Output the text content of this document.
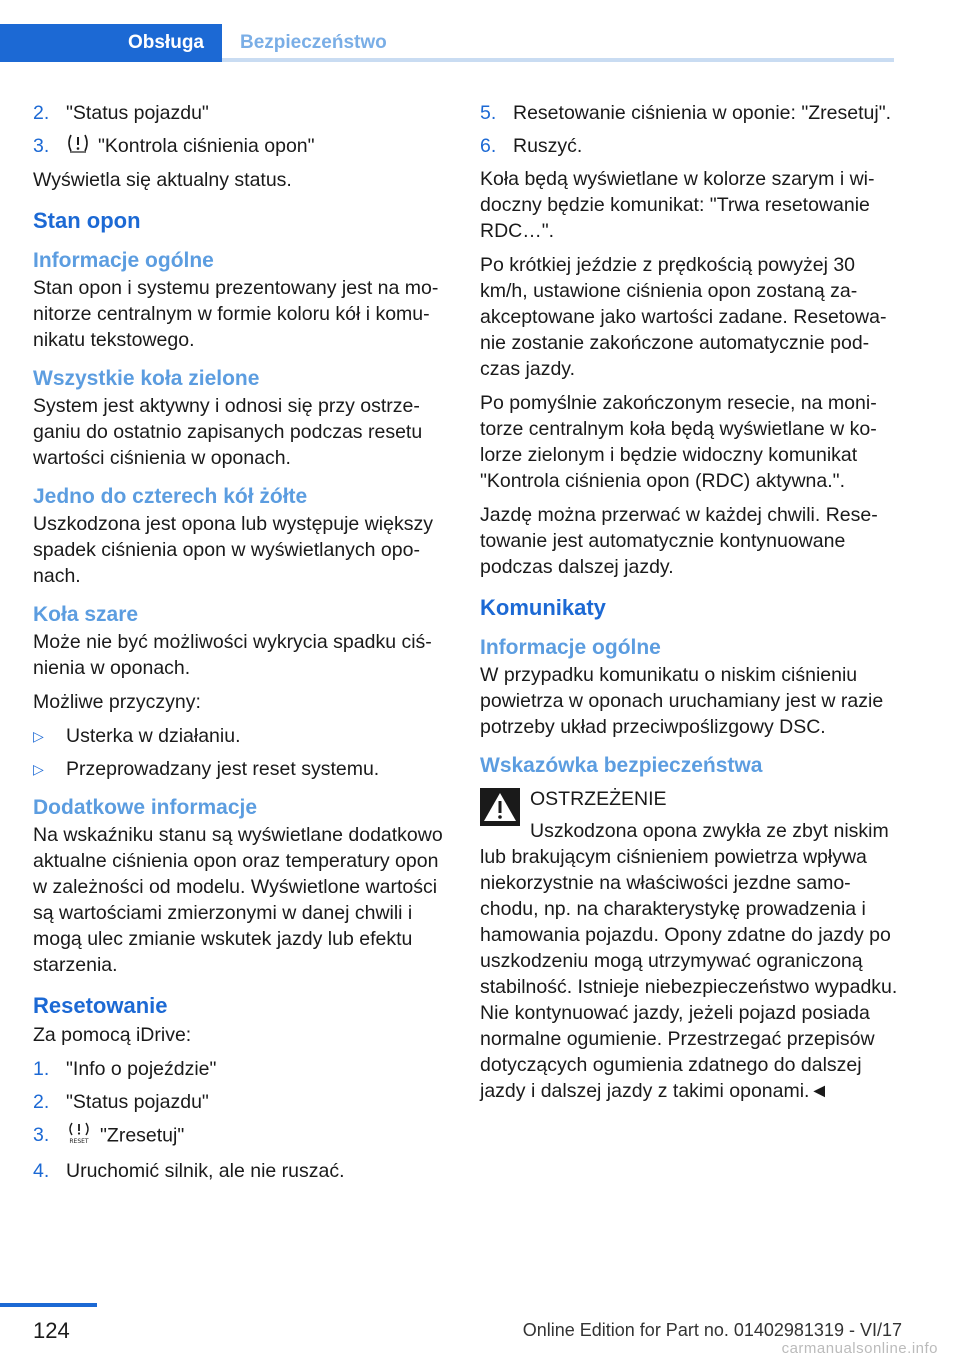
Obsługa Bezpieczeństwo
2. "Status pojazdu"
3.	"Kontrola ciśnienia opon"

Wyświetla się aktualny status.

Stan opon
Informacje ogólne

Stan opon i systemu prezentowany jest na monitorze centralnym w formie koloru kół i komunikatu tekstowego.

Wszystkie koła zielone

System jest aktywny i odnosi się przy ostrzeganiu do ostatnio zapisanych podczas resetu wartości ciśnienia w oponach.

Jedno do czterech kół żółte

Uszkodzona jest opona lub występuje większy spadek ciśnienia opon w wyświetlanych oponach.

Koła szare

Może nie być możliwości wykrycia spadku ciśnienia w oponach.

Możliwe przyczyny:

▷	Usterka w działaniu.
▷	Przeprowadzany jest reset systemu.
Dodatkowe informacje

Na wskaźniku stanu są wyświetlane dodatkowo aktualne ciśnienia opon oraz temperatury opon w zależności od modelu. Wyświetlone wartości są wartościami zmierzonymi w danej chwili i mogą ulec zmianie wskutek jazdy lub efektu starzenia.

Resetowanie

Za pomocą iDrive:

1. "Info o pojeździe"
2. "Status pojazdu"
3.	RESET "Zresetuj"
4. Uruchomić silnik, ale nie ruszać.
5. Resetowanie ciśnienia w oponie: "Zresetuj".
6. Ruszyć.

Koła będą wyświetlane w kolorze szarym i widoczny będzie komunikat: "Trwa resetowanie RDC…".

Po krótkiej jeździe z prędkością powyżej 30 km/h, ustawione ciśnienia opon zostaną zaakceptowane jako wartości zadane. Resetowanie zostanie zakończone automatycznie podczas jazdy.

Po pomyślnie zakończonym resecie, na monitorze centralnym koła będą wyświetlane w kolorze zielonym i będzie widoczny komunikat "Kontrola ciśnienia opon (RDC) aktywna.".

Jazdę można przerwać w każdej chwili. Resetowanie jest automatycznie kontynuowane podczas dalszej jazdy.

Komunikaty
Informacje ogólne

W przypadku komunikatu o niskim ciśnieniu powietrza w oponach uruchamiany jest w razie potrzeby układ przeciwpoślizgowy DSC.

Wskazówka bezpieczeństwa
OSTRZEŻENIE
Uszkodzona opona zwykła ze zbyt niskim

lub brakującym ciśnieniem powietrza wpływa niekorzystnie na właściwości jezdne samochodu, np. na charakterystykę prowadzenia i hamowania pojazdu. Opony zdatne do jazdy po uszkodzeniu mogą utrzymywać ograniczoną stabilność. Istnieje niebezpieczeństwo wypadku. Nie kontynuować jazdy, jeżeli pojazd posiada normalne ogumienie. Przestrzegać przepisów dotyczących ogumienia zdatnego do dalszej jazdy i dalszej jazdy z takimi oponami.◄

124	Online Edition for Part no. 01402981319 - VI/17
carmanualsonline.info
